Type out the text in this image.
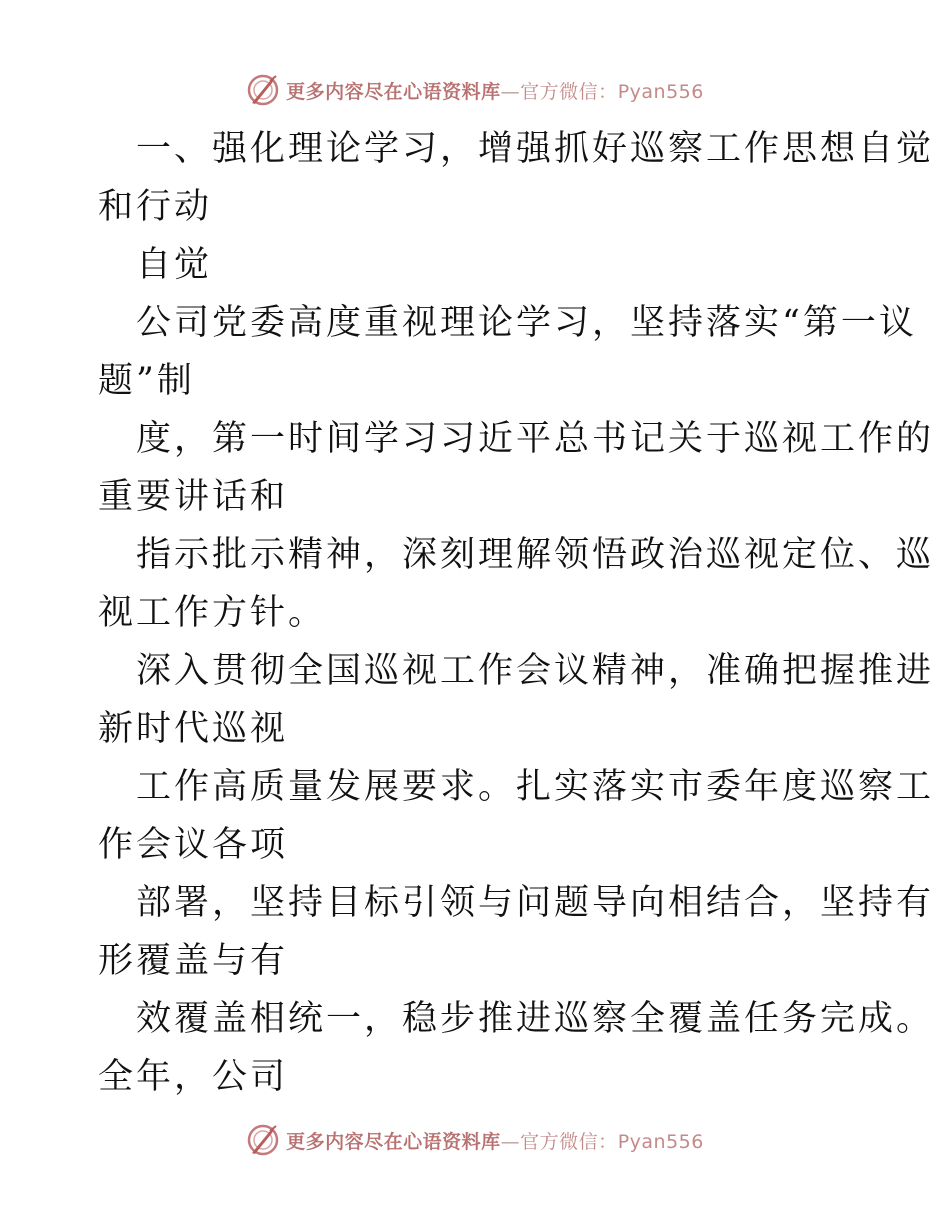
更多内容尽在心语资料库—官方微信：Pyan556
一、强化理论学习，增强抓好巡察工作思想自觉
和行动
自觉
公司党委高度重视理论学习，坚持落实“第一议
题”制
度，第一时间学习习近平总书记关于巡视工作的
重要讲话和
指示批示精神，深刻理解领悟政治巡视定位、巡
视工作方针。
深入贯彻全国巡视工作会议精神，准确把握推进
新时代巡视
工作高质量发展要求。扎实落实市委年度巡察工
作会议各项
部署，坚持目标引领与问题导向相结合，坚持有
形覆盖与有
效覆盖相统一，稳步推进巡察全覆盖任务完成。
全年，公司
更多内容尽在心语资料库—官方微信：Pyan556
